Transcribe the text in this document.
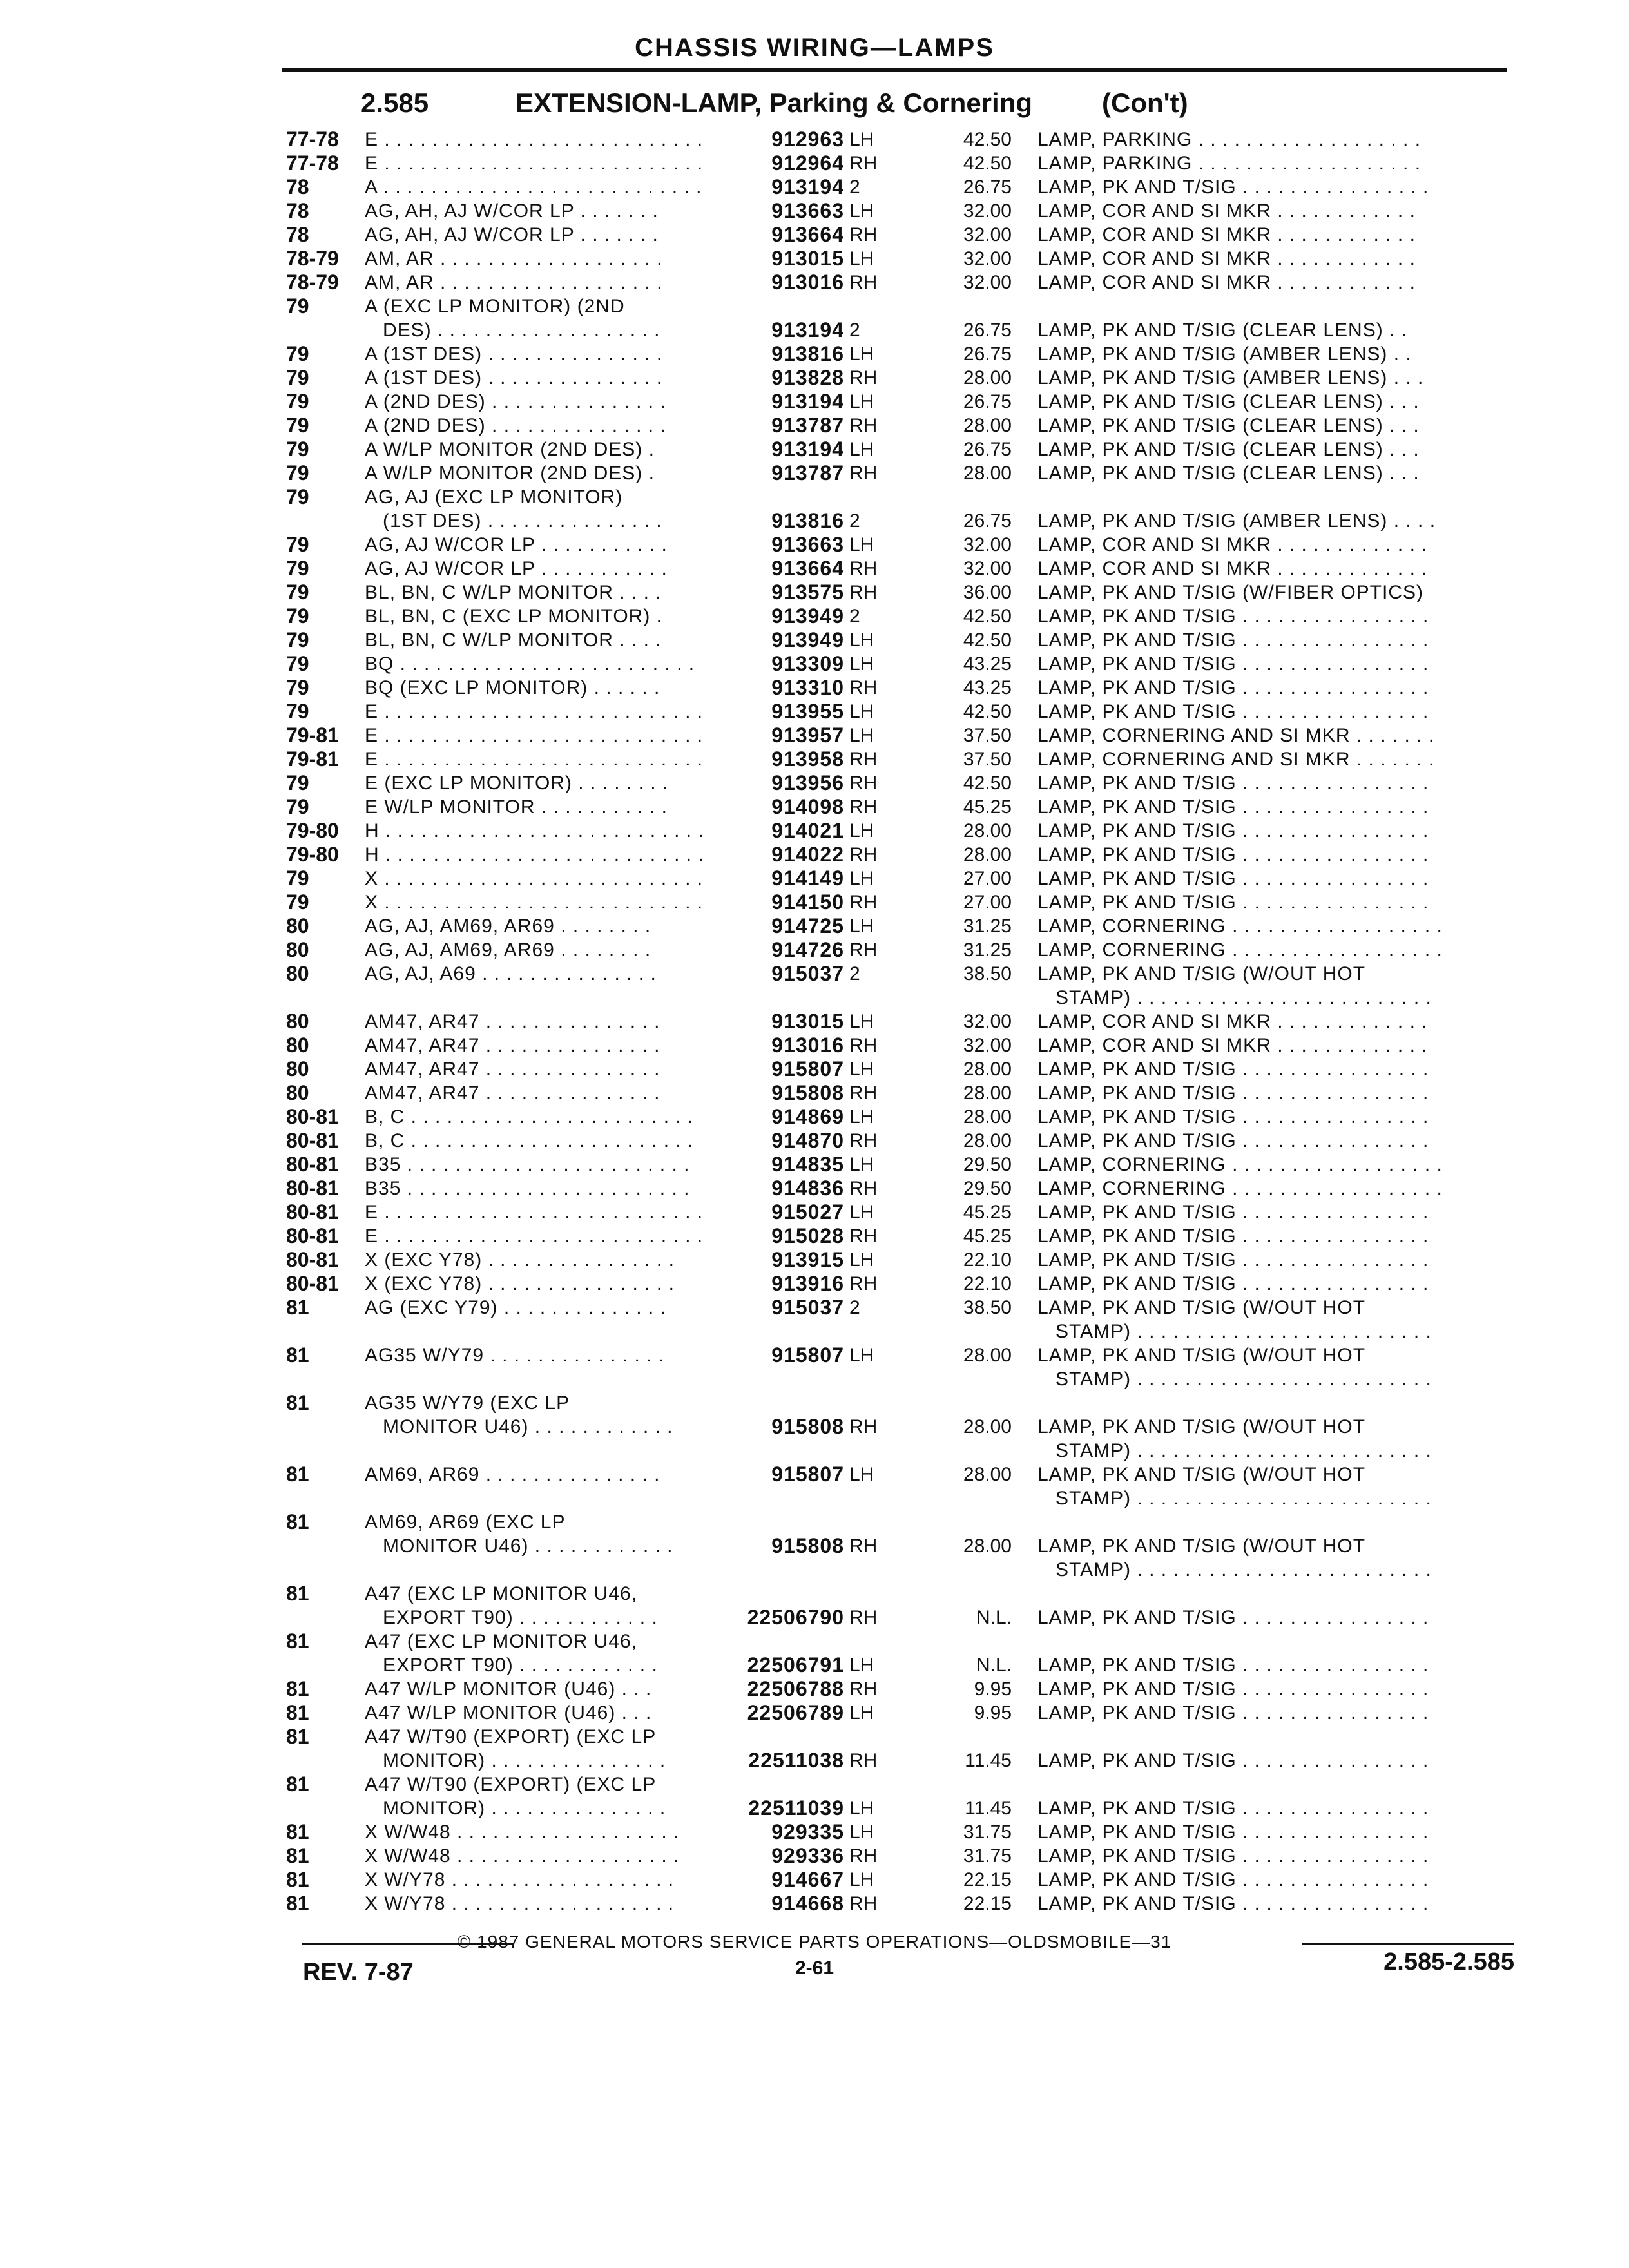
CHASSIS WIRING—LAMPS
2.585	EXTENSION-LAMP, Parking & Cornering	(Con't)
77-78	E . . . . . . . . . . . . . . . . . . . . . . . . . . .	912963 LH	42.50 LAMP, PARKING . . . . . . . . . . . . . . . . . . .
77-78	E . . . . . . . . . . . . . . . . . . . . . . . . . . .	912964 RH	42.50 LAMP, PARKING . . . . . . . . . . . . . . . . . . .
78	A . . . . . . . . . . . . . . . . . . . . . . . . . . .	913194 2	26.75 LAMP, PK AND T/SIG . . . . . . . . . . . . . . . .
78	AG, AH, AJ W/COR LP . . . . . . .	913663 LH	32.00 LAMP, COR AND SI MKR . . . . . . . . . . . .
78	AG, AH, AJ W/COR LP . . . . . . .	913664 RH	32.00 LAMP, COR AND SI MKR . . . . . . . . . . . .
78-79	AM, AR . . . . . . . . . . . . . . . . . . .	913015 LH	32.00 LAMP, COR AND SI MKR . . . . . . . . . . . .
78-79	AM, AR . . . . . . . . . . . . . . . . . . .	913016 RH	32.00 LAMP, COR AND SI MKR . . . . . . . . . . . .
79	A (EXC LP MONITOR) (2ND
DES) . . . . . . . . . . . . . . . . . . .	913194 2	26.75 LAMP, PK AND T/SIG (CLEAR LENS) . .
79	A (1ST DES) . . . . . . . . . . . . . . .	913816 LH	26.75 LAMP, PK AND T/SIG (AMBER LENS) . .
79	A (1ST DES) . . . . . . . . . . . . . . .	913828 RH	28.00 LAMP, PK AND T/SIG (AMBER LENS) . . .
79	A (2ND DES) . . . . . . . . . . . . . . .	913194 LH	26.75 LAMP, PK AND T/SIG (CLEAR LENS) . . .
79	A (2ND DES) . . . . . . . . . . . . . . .	913787 RH	28.00 LAMP, PK AND T/SIG (CLEAR LENS) . . .
79	A W/LP MONITOR (2ND DES) .	913194 LH	26.75 LAMP, PK AND T/SIG (CLEAR LENS) . . .
79	A W/LP MONITOR (2ND DES) .	913787 RH	28.00 LAMP, PK AND T/SIG (CLEAR LENS) . . .
79	AG, AJ (EXC LP MONITOR)
(1ST DES) . . . . . . . . . . . . . . .	913816 2	26.75 LAMP, PK AND T/SIG (AMBER LENS) . . . .
79	AG, AJ W/COR LP . . . . . . . . . . .	913663 LH	32.00 LAMP, COR AND SI MKR . . . . . . . . . . . . .
79	AG, AJ W/COR LP . . . . . . . . . . .	913664 RH	32.00 LAMP, COR AND SI MKR . . . . . . . . . . . . .
79	BL, BN, C W/LP MONITOR . . . .	913575 RH	36.00 LAMP, PK AND T/SIG (W/FIBER OPTICS)
79	BL, BN, C (EXC LP MONITOR) .	913949 2	42.50 LAMP, PK AND T/SIG . . . . . . . . . . . . . . . .
79	BL, BN, C W/LP MONITOR . . . .	913949 LH	42.50 LAMP, PK AND T/SIG . . . . . . . . . . . . . . . .
79	BQ . . . . . . . . . . . . . . . . . . . . . . . . .	913309 LH	43.25 LAMP, PK AND T/SIG . . . . . . . . . . . . . . . .
79	BQ (EXC LP MONITOR) . . . . . .	913310 RH	43.25 LAMP, PK AND T/SIG . . . . . . . . . . . . . . . .
79	E . . . . . . . . . . . . . . . . . . . . . . . . . . .	913955 LH	42.50 LAMP, PK AND T/SIG . . . . . . . . . . . . . . . .
79-81	E . . . . . . . . . . . . . . . . . . . . . . . . . . .	913957 LH	37.50 LAMP, CORNERING AND SI MKR . . . . . . .
79-81	E . . . . . . . . . . . . . . . . . . . . . . . . . . .	913958 RH	37.50 LAMP, CORNERING AND SI MKR . . . . . . .
79	E (EXC LP MONITOR) . . . . . . . .	913956 RH	42.50 LAMP, PK AND T/SIG . . . . . . . . . . . . . . . .
79	E W/LP MONITOR . . . . . . . . . . .	914098 RH	45.25 LAMP, PK AND T/SIG . . . . . . . . . . . . . . . .
79-80	H . . . . . . . . . . . . . . . . . . . . . . . . . . .	914021 LH	28.00 LAMP, PK AND T/SIG . . . . . . . . . . . . . . . .
79-80	H . . . . . . . . . . . . . . . . . . . . . . . . . . .	914022 RH	28.00 LAMP, PK AND T/SIG . . . . . . . . . . . . . . . .
79	X . . . . . . . . . . . . . . . . . . . . . . . . . . .	914149 LH	27.00 LAMP, PK AND T/SIG . . . . . . . . . . . . . . . .
79	X . . . . . . . . . . . . . . . . . . . . . . . . . . .	914150 RH	27.00 LAMP, PK AND T/SIG . . . . . . . . . . . . . . . .
80	AG, AJ, AM69, AR69 . . . . . . . .	914725 LH	31.25 LAMP, CORNERING . . . . . . . . . . . . . . . . . .
80	AG, AJ, AM69, AR69 . . . . . . . .	914726 RH	31.25 LAMP, CORNERING . . . . . . . . . . . . . . . . . .
80	AG, AJ, A69 . . . . . . . . . . . . . . .	915037 2	38.50 LAMP, PK AND T/SIG (W/OUT HOT
STAMP) . . . . . . . . . . . . . . . . . . . . . . . . .
80	AM47, AR47 . . . . . . . . . . . . . . .	913015 LH	32.00 LAMP, COR AND SI MKR . . . . . . . . . . . . .
80	AM47, AR47 . . . . . . . . . . . . . . .	913016 RH	32.00 LAMP, COR AND SI MKR . . . . . . . . . . . . .
80	AM47, AR47 . . . . . . . . . . . . . . .	915807 LH	28.00 LAMP, PK AND T/SIG . . . . . . . . . . . . . . . .
80	AM47, AR47 . . . . . . . . . . . . . . .	915808 RH	28.00 LAMP, PK AND T/SIG . . . . . . . . . . . . . . . .
80-81	B, C . . . . . . . . . . . . . . . . . . . . . . . .	914869 LH	28.00 LAMP, PK AND T/SIG . . . . . . . . . . . . . . . .
80-81	B, C . . . . . . . . . . . . . . . . . . . . . . . .	914870 RH	28.00 LAMP, PK AND T/SIG . . . . . . . . . . . . . . . .
80-81	B35 . . . . . . . . . . . . . . . . . . . . . . . .	914835 LH	29.50 LAMP, CORNERING . . . . . . . . . . . . . . . . . .
80-81	B35 . . . . . . . . . . . . . . . . . . . . . . . .	914836 RH	29.50 LAMP, CORNERING . . . . . . . . . . . . . . . . . .
80-81	E . . . . . . . . . . . . . . . . . . . . . . . . . . .	915027 LH	45.25 LAMP, PK AND T/SIG . . . . . . . . . . . . . . . .
80-81	E . . . . . . . . . . . . . . . . . . . . . . . . . . .	915028 RH	45.25 LAMP, PK AND T/SIG . . . . . . . . . . . . . . . .
80-81	X (EXC Y78) . . . . . . . . . . . . . . . .	913915 LH	22.10 LAMP, PK AND T/SIG . . . . . . . . . . . . . . . .
80-81	X (EXC Y78) . . . . . . . . . . . . . . . .	913916 RH	22.10 LAMP, PK AND T/SIG . . . . . . . . . . . . . . . .
81	AG (EXC Y79) . . . . . . . . . . . . . .	915037 2	38.50 LAMP, PK AND T/SIG (W/OUT HOT
STAMP) . . . . . . . . . . . . . . . . . . . . . . . . .
81	AG35 W/Y79 . . . . . . . . . . . . . . .	915807 LH	28.00 LAMP, PK AND T/SIG (W/OUT HOT
STAMP) . . . . . . . . . . . . . . . . . . . . . . . . .
81	AG35 W/Y79 (EXC LP
MONITOR U46) . . . . . . . . . . . .	915808 RH	28.00 LAMP, PK AND T/SIG (W/OUT HOT
STAMP) . . . . . . . . . . . . . . . . . . . . . . . . .
81	AM69, AR69 . . . . . . . . . . . . . . .	915807 LH	28.00 LAMP, PK AND T/SIG (W/OUT HOT
STAMP) . . . . . . . . . . . . . . . . . . . . . . . . .
81	AM69, AR69 (EXC LP
MONITOR U46) . . . . . . . . . . . .	915808 RH	28.00 LAMP, PK AND T/SIG (W/OUT HOT
STAMP) . . . . . . . . . . . . . . . . . . . . . . . . .
81	A47 (EXC LP MONITOR U46,
EXPORT T90) . . . . . . . . . . . .	22506790 RH	N.L. LAMP, PK AND T/SIG . . . . . . . . . . . . . . . .
81	A47 (EXC LP MONITOR U46,
EXPORT T90) . . . . . . . . . . . .	22506791 LH	N.L. LAMP, PK AND T/SIG . . . . . . . . . . . . . . . .
81	A47 W/LP MONITOR (U46) . . .	22506788 RH	9.95 LAMP, PK AND T/SIG . . . . . . . . . . . . . . . .
81	A47 W/LP MONITOR (U46) . . .	22506789 LH	9.95 LAMP, PK AND T/SIG . . . . . . . . . . . . . . . .
81	A47 W/T90 (EXPORT) (EXC LP
MONITOR) . . . . . . . . . . . . . . .	22511038 RH	11.45 LAMP, PK AND T/SIG . . . . . . . . . . . . . . . .
81	A47 W/T90 (EXPORT) (EXC LP
MONITOR) . . . . . . . . . . . . . . .	22511039 LH	11.45 LAMP, PK AND T/SIG . . . . . . . . . . . . . . . .
81	X W/W48 . . . . . . . . . . . . . . . . . . .	929335 LH	31.75 LAMP, PK AND T/SIG . . . . . . . . . . . . . . . .
81	X W/W48 . . . . . . . . . . . . . . . . . . .	929336 RH	31.75 LAMP, PK AND T/SIG . . . . . . . . . . . . . . . .
81	X W/Y78 . . . . . . . . . . . . . . . . . . .	914667 LH	22.15 LAMP, PK AND T/SIG . . . . . . . . . . . . . . . .
81	X W/Y78 . . . . . . . . . . . . . . . . . . .	914668 RH	22.15 LAMP, PK AND T/SIG . . . . . . . . . . . . . . . .
© 1987 GENERAL MOTORS SERVICE PARTS OPERATIONS—OLDSMOBILE—31
REV. 7-87	2-61	2.585-2.585
